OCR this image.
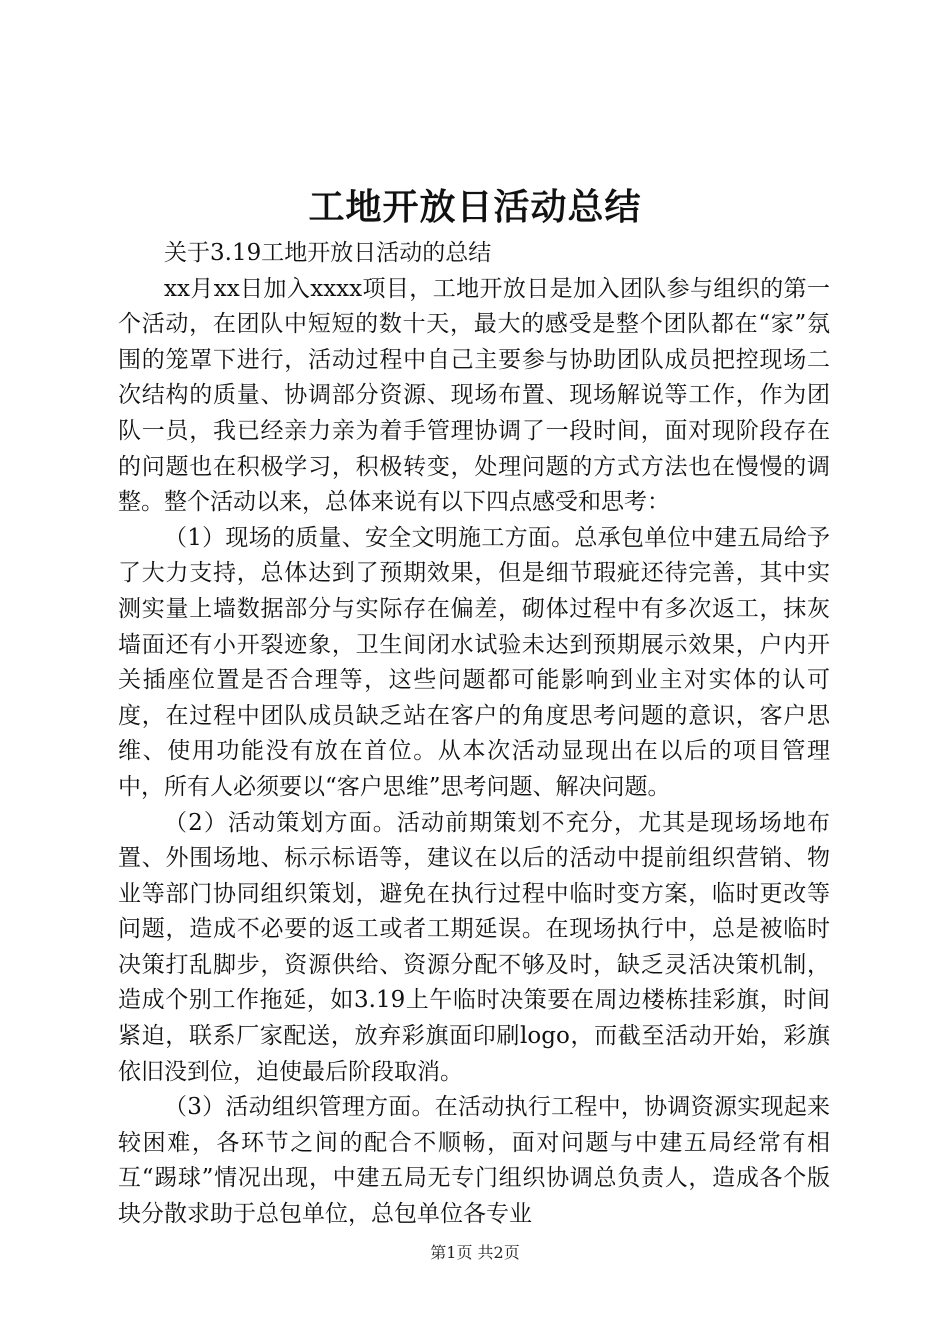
工地开放日活动总结

关于3.19工地开放日活动的总结

xx月xx日加入xxxx项目，工地开放日是加入团队参与组织的第一个活动，在团队中短短的数十天，最大的感受是整个团队都在“家”氛围的笼罩下进行，活动过程中自己主要参与协助团队成员把控现场二次结构的质量、协调部分资源、现场布置、现场解说等工作，作为团队一员，我已经亲力亲为着手管理协调了一段时间，面对现阶段存在的问题也在积极学习，积极转变，处理问题的方式方法也在慢慢的调整。整个活动以来，总体来说有以下四点感受和思考：

（1）现场的质量、安全文明施工方面。总承包单位中建五局给予了大力支持，总体达到了预期效果，但是细节瑕疵还待完善，其中实测实量上墙数据部分与实际存在偏差，砌体过程中有多次返工，抹灰墙面还有小开裂迹象，卫生间闭水试验未达到预期展示效果，户内开关插座位置是否合理等，这些问题都可能影响到业主对实体的认可度，在过程中团队成员缺乏站在客户的角度思考问题的意识，客户思维、使用功能没有放在首位。从本次活动显现出在以后的项目管理中，所有人必须要以“客户思维”思考问题、解决问题。

（2）活动策划方面。活动前期策划不充分，尤其是现场场地布置、外围场地、标示标语等，建议在以后的活动中提前组织营销、物业等部门协同组织策划，避免在执行过程中临时变方案，临时更改等问题，造成不必要的返工或者工期延误。在现场执行中，总是被临时决策打乱脚步，资源供给、资源分配不够及时，缺乏灵活决策机制，造成个别工作拖延，如3.19上午临时决策要在周边楼栋挂彩旗，时间紧迫，联系厂家配送，放弃彩旗面印刷logo，而截至活动开始，彩旗依旧没到位，迫使最后阶段取消。

（3）活动组织管理方面。在活动执行工程中，协调资源实现起来较困难，各环节之间的配合不顺畅，面对问题与中建五局经常有相互“踢球”情况出现，中建五局无专门组织协调总负责人，造成各个版块分散求助于总包单位，总包单位各专业

第1页 共2页
